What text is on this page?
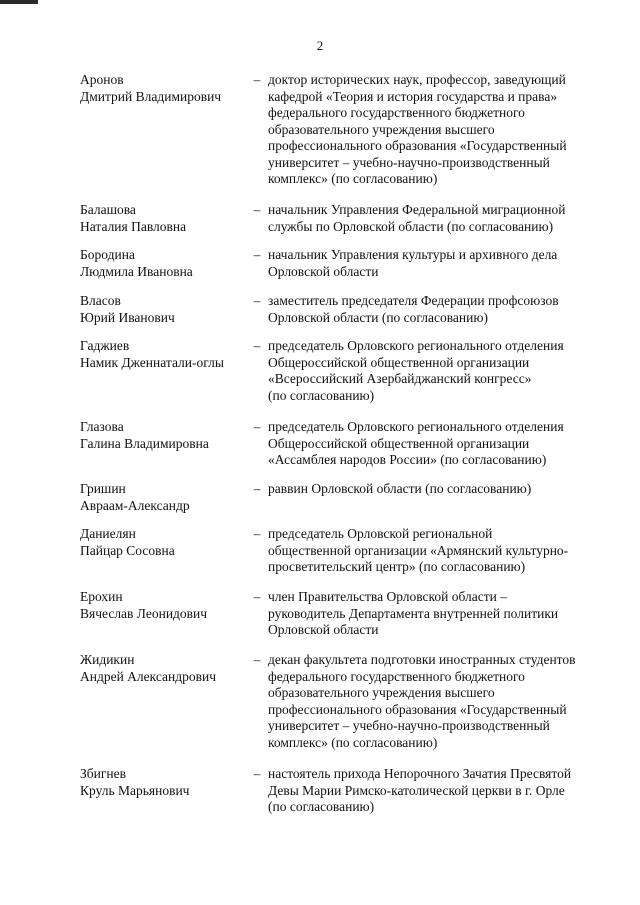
2
Аронов
Дмитрий Владимирович
– доктор исторических наук, профессор, заведующий
кафедрой «Теория и история государства и права»
федерального государственного бюджетного
образовательного учреждения высшего
профессионального образования «Государственный
университет – учебно-научно-производственный
комплекс» (по согласованию)
Балашова
Наталия Павловна
– начальник Управления Федеральной миграционной
службы по Орловской области (по согласованию)
Бородина
Людмила Ивановна
– начальник Управления культуры и архивного дела
Орловской области
Власов
Юрий Иванович
– заместитель председателя Федерации профсоюзов
Орловской области (по согласованию)
Гаджиев
Намик Дженнатали-оглы
– председатель Орловского регионального отделения
Общероссийской общественной организации
«Всероссийский Азербайджанский конгресс»
(по согласованию)
Глазова
Галина Владимировна
– председатель Орловского регионального отделения
Общероссийской общественной организации
«Ассамблея народов России» (по согласованию)
Гришин
Авраам-Александр
– раввин Орловской области (по согласованию)
Даниелян
Пайцар Сосовна
– председатель Орловской региональной
общественной организации «Армянский культурно-
просветительский центр» (по согласованию)
Ерохин
Вячеслав Леонидович
– член Правительства Орловской области –
руководитель Департамента внутренней политики
Орловской области
Жидикин
Андрей Александрович
– декан факультета подготовки иностранных студентов
федерального государственного бюджетного
образовательного учреждения высшего
профессионального образования «Государственный
университет – учебно-научно-производственный
комплекс» (по согласованию)
Збигнев
Круль Марьянович
– настоятель прихода Непорочного Зачатия Пресвятой
Девы Марии Римско-католической церкви в г. Орле
(по согласованию)
